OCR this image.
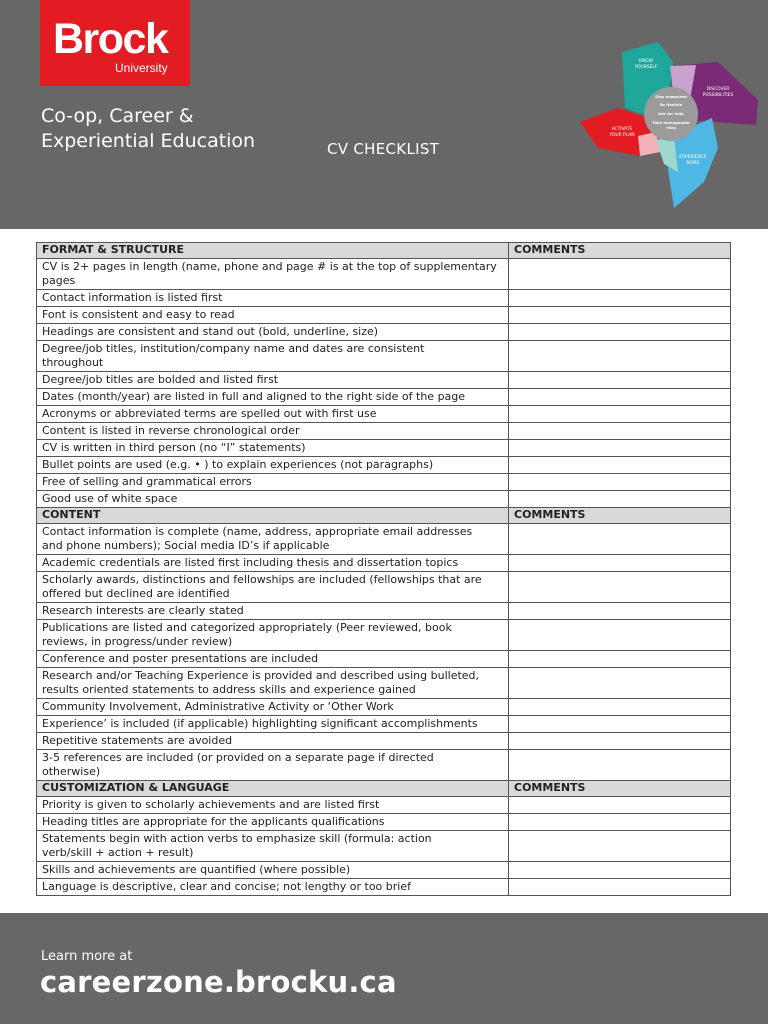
Brock
University
Co-op, Career &
Experiential Education	CV CHECKLIST
KNOW
YOURSELF
DISCOVER
POSSIBILITIES
ACTIVATE
YOUR PLAN
EXPERIENCE
MORE
Stay organized
Be flexible
Ask for help
Take manageable
risks
FORMAT & STRUCTURE	COMMENTS
CV is 2+ pages in length (name, phone and page # is at the top of supplementary
pages	
Contact information is listed first	
Font is consistent and easy to read	
Headings are consistent and stand out (bold, underline, size)	
Degree/job titles, institution/company name and dates are consistent
throughout	
Degree/job titles are bolded and listed first	
Dates (month/year) are listed in full and aligned to the right side of the page	
Acronyms or abbreviated terms are spelled out with first use	
Content is listed in reverse chronological order	
CV is written in third person (no “I” statements)	
Bullet points are used (e.g. • ) to explain experiences (not paragraphs)	
Free of selling and grammatical errors	
Good use of white space	
CONTENT	COMMENTS
Contact information is complete (name, address, appropriate email addresses
and phone numbers); Social media ID’s if applicable	
Academic credentials are listed first including thesis and dissertation topics	
Scholarly awards, distinctions and fellowships are included (fellowships that are
offered but declined are identified	
Research interests are clearly stated	
Publications are listed and categorized appropriately (Peer reviewed, book
reviews, in progress/under review)	
Conference and poster presentations are included	
Research and/or Teaching Experience is provided and described using bulleted,
results oriented statements to address skills and experience gained	
Community Involvement, Administrative Activity or ‘Other Work	
Experience’ is included (if applicable) highlighting significant accomplishments	
Repetitive statements are avoided	
3-5 references are included (or provided on a separate page if directed
otherwise)	
CUSTOMIZATION & LANGUAGE	COMMENTS
Priority is given to scholarly achievements and are listed first	
Heading titles are appropriate for the applicants qualifications	
Statements begin with action verbs to emphasize skill (formula: action
verb/skill + action + result)	
Skills and achievements are quantified (where possible)	
Language is descriptive, clear and concise; not lengthy or too brief	
Learn more at
careerzone.brocku.ca
